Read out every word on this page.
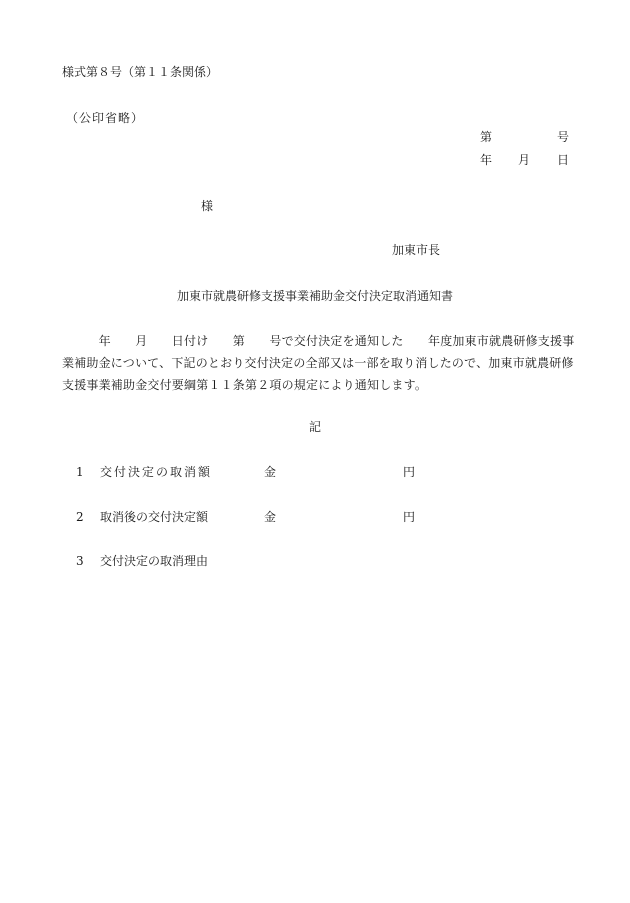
様式第８号（第１１条関係）
（公印省略）
第	号
年 月 日
様
加東市長
加東市就農研修支援事業補助金交付決定取消通知書
　　　年　　月　　日付け　　第　　号で交付決定を通知した　　年度加東市就農研修支援事業補助金について、下記のとおり交付決定の全部又は一部を取り消したので、加東市就農研修支援事業補助金交付要綱第１１条第２項の規定により通知します。
記
1 交付決定の取消額	金	円
2 取消後の交付決定額	金	円
3 交付決定の取消理由
